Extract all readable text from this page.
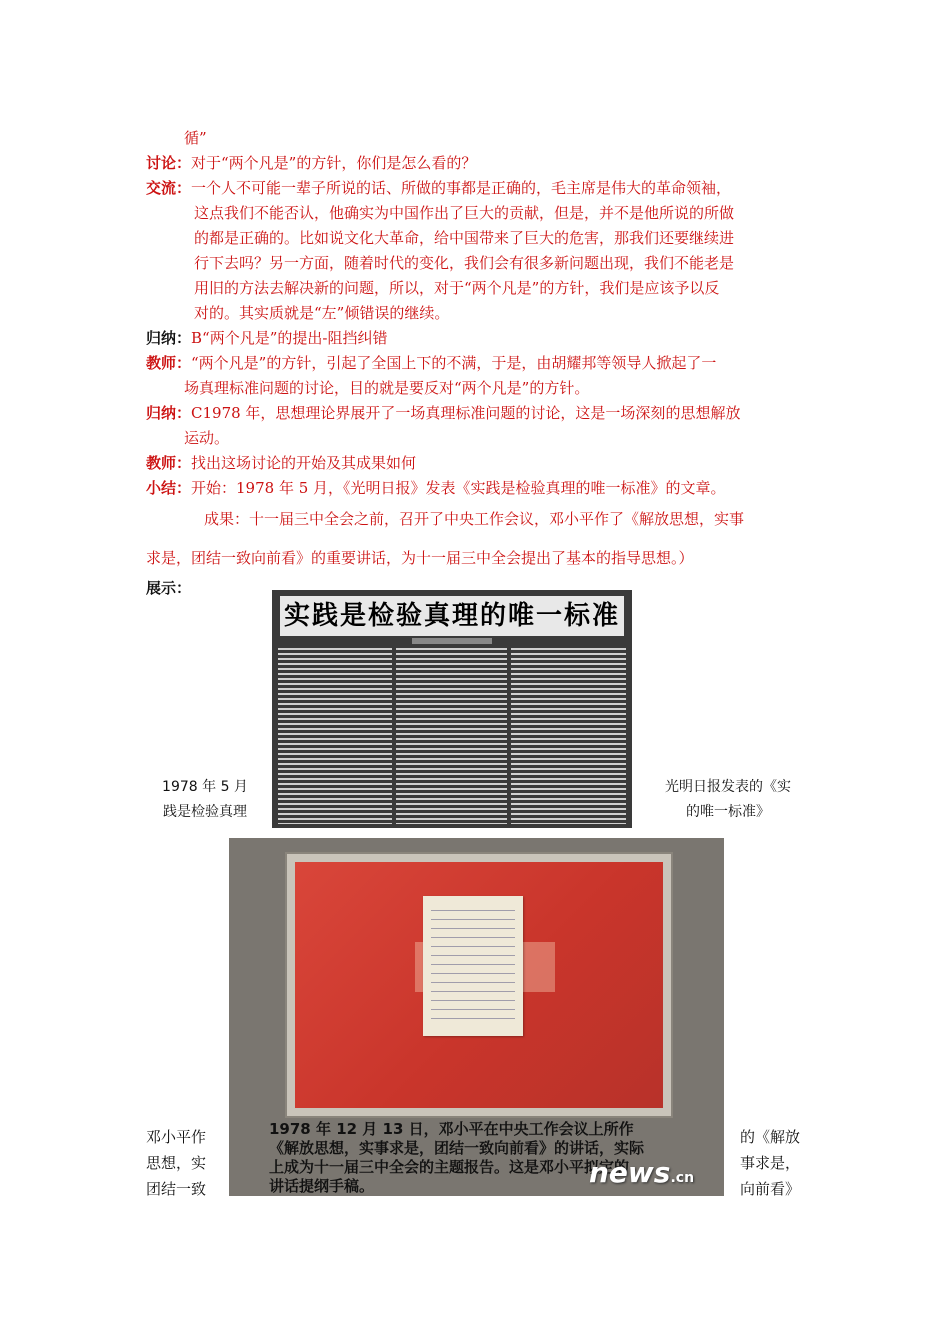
循”
讨论：对于“两个凡是”的方针，你们是怎么看的？
交流：一个人不可能一辈子所说的话、所做的事都是正确的，毛主席是伟大的革命领袖，
这点我们不能否认，他确实为中国作出了巨大的贡献，但是，并不是他所说的所做
的都是正确的。比如说文化大革命，给中国带来了巨大的危害，那我们还要继续进
行下去吗？另一方面，随着时代的变化，我们会有很多新问题出现，我们不能老是
用旧的方法去解决新的问题，所以，对于“两个凡是”的方针，我们是应该予以反
对的。其实质就是“左”倾错误的继续。
归纳：B“两个凡是”的提出-阻挡纠错
教师：“两个凡是”的方针，引起了全国上下的不满，于是，由胡耀邦等领导人掀起了一
场真理标准问题的讨论，目的就是要反对“两个凡是”的方针。
归纳：C1978 年，思想理论界展开了一场真理标准问题的讨论，这是一场深刻的思想解放
运动。
教师：找出这场讨论的开始及其成果如何
小结：开始：1978 年 5 月，《光明日报》发表《实践是检验真理的唯一标准》的文章。
成果：十一届三中全会之前，召开了中央工作会议，邓小平作了《解放思想，实事
求是，团结一致向前看》的重要讲话，为十一届三中全会提出了基本的指导思想。）
展示：
实践是检验真理的唯一标准
1978 年 5 月
践是检验真理
光明日报发表的《实
的唯一标准》
1978 年 12 月 13 日，邓小平在中央工作会议上所作
《解放思想，实事求是，团结一致向前看》的讲话，实际
上成为十一届三中全会的主题报告。这是邓小平拟定的
讲话提纲手稿。	news.cn
邓小平作
思想，实
团结一致
的《解放
事求是，
向前看》
